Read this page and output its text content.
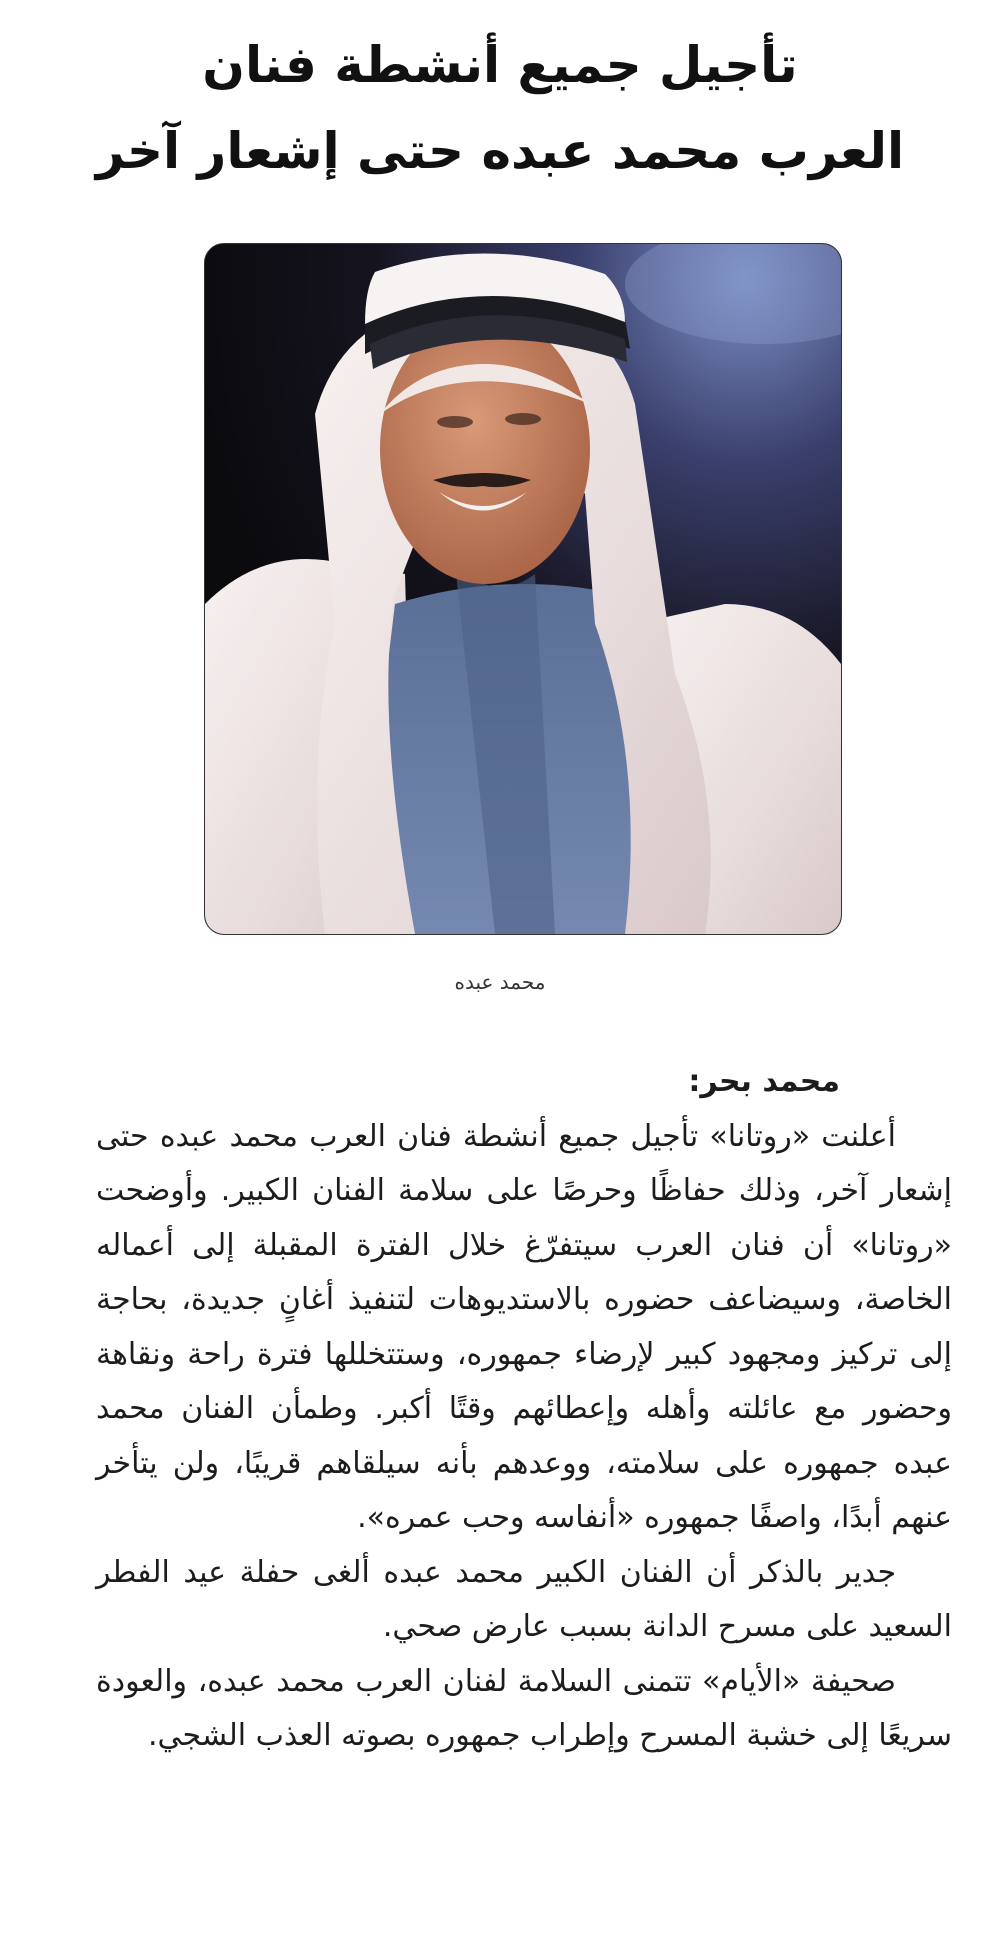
تأجيل جميع أنشطة فنان
العرب محمد عبده حتى إشعار آخر

محمد عبده

محمد بحر:

أعلنت «روتانا» تأجيل جميع أنشطة فنان العرب محمد عبده حتى إشعار آخر، وذلك حفاظًا وحرصًا على سلامة الفنان الكبير. وأوضحت «روتانا» أن فنان العرب سيتفرّغ خلال الفترة المقبلة إلى أعماله الخاصة، وسيضاعف حضوره بالاستديوهات لتنفيذ أغانٍ جديدة، بحاجة إلى تركيز ومجهود كبير لإرضاء جمهوره، وستتخللها فترة راحة ونقاهة وحضور مع عائلته وأهله وإعطائهم وقتًا أكبر. وطمأن الفنان محمد عبده جمهوره على سلامته، ووعدهم بأنه سيلقاهم قريبًا، ولن يتأخر عنهم أبدًا، واصفًا جمهوره «أنفاسه وحب عمره».

جدير بالذكر أن الفنان الكبير محمد عبده ألغى حفلة عيد الفطر السعيد على مسرح الدانة بسبب عارض صحي.

صحيفة «الأيام» تتمنى السلامة لفنان العرب محمد عبده، والعودة سريعًا إلى خشبة المسرح وإطراب جمهوره بصوته العذب الشجي.
